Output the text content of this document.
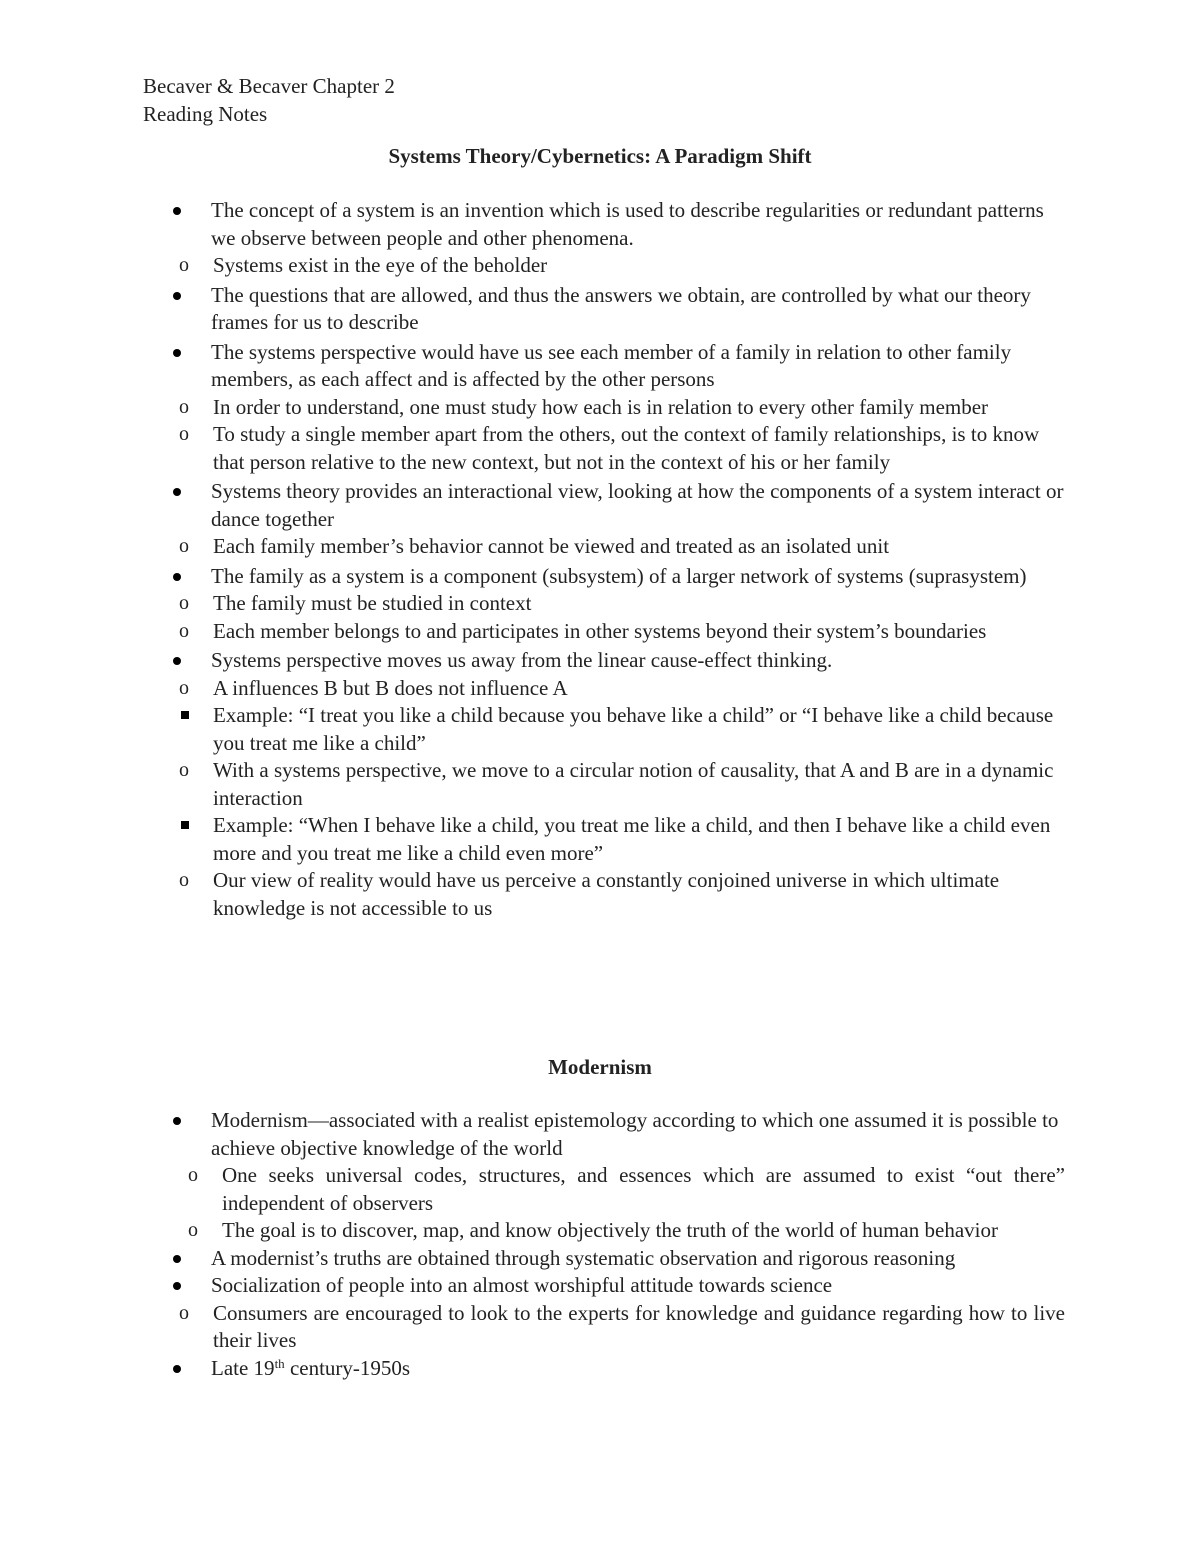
Becaver & Becaver Chapter 2
Reading Notes
Systems Theory/Cybernetics: A Paradigm Shift
The concept of a system is an invention which is used to describe regularities or redundant patterns we observe between people and other phenomena.
o Systems exist in the eye of the beholder
The questions that are allowed, and thus the answers we obtain, are controlled by what our theory frames for us to describe
The systems perspective would have us see each member of a family in relation to other family members, as each affect and is affected by the other persons
o In order to understand, one must study how each is in relation to every other family member
o To study a single member apart from the others, out the context of family relationships, is to know that person relative to the new context, but not in the context of his or her family
Systems theory provides an interactional view, looking at how the components of a system interact or dance together
o Each family member’s behavior cannot be viewed and treated as an isolated unit
The family as a system is a component (subsystem) of a larger network of systems (suprasystem)
o The family must be studied in context
o Each member belongs to and participates in other systems beyond their system’s boundaries
Systems perspective moves us away from the linear cause-effect thinking.
o A influences B but B does not influence A
Example: “I treat you like a child because you behave like a child” or “I behave like a child because you treat me like a child”
o With a systems perspective, we move to a circular notion of causality, that A and B are in a dynamic interaction
Example: “When I behave like a child, you treat me like a child, and then I behave like a child even more and you treat me like a child even more”
o Our view of reality would have us perceive a constantly conjoined universe in which ultimate knowledge is not accessible to us
Modernism
Modernism—associated with a realist epistemology according to which one assumed it is possible to achieve objective knowledge of the world
o One seeks universal codes, structures, and essences which are assumed to exist “out there” independent of observers
o The goal is to discover, map, and know objectively the truth of the world of human behavior
A modernist’s truths are obtained through systematic observation and rigorous reasoning
Socialization of people into an almost worshipful attitude towards science
o Consumers are encouraged to look to the experts for knowledge and guidance regarding how to live their lives
Late 19th century-1950s
